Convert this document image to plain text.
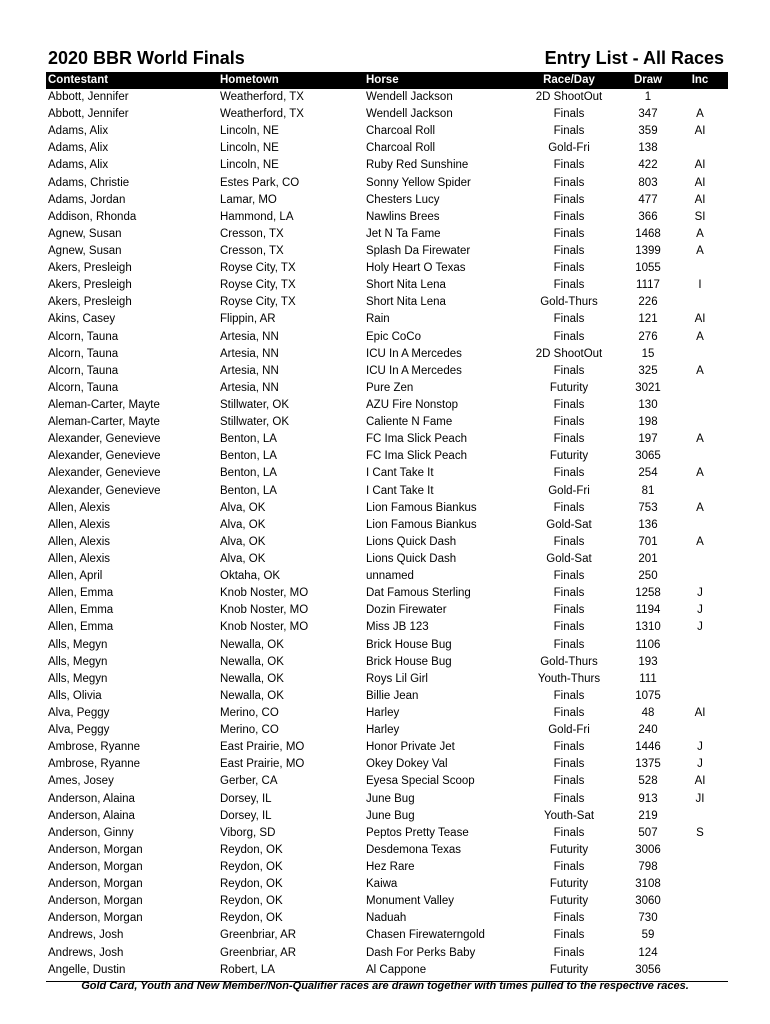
2020 BBR World Finals	Entry List - All Races
Contestant	Hometown	Horse	Race/Day	Draw	Inc
Abbott, Jennifer	Weatherford, TX	Wendell Jackson	2D ShootOut	1	
Abbott, Jennifer	Weatherford, TX	Wendell Jackson	Finals	347	A
Adams, Alix	Lincoln, NE	Charcoal Roll	Finals	359	AI
Adams, Alix	Lincoln, NE	Charcoal Roll	Gold-Fri	138	
Adams, Alix	Lincoln, NE	Ruby Red Sunshine	Finals	422	AI
Adams, Christie	Estes Park, CO	Sonny Yellow Spider	Finals	803	AI
Adams, Jordan	Lamar, MO	Chesters Lucy	Finals	477	AI
Addison, Rhonda	Hammond, LA	Nawlins Brees	Finals	366	SI
Agnew, Susan	Cresson, TX	Jet N Ta Fame	Finals	1468	A
Agnew, Susan	Cresson, TX	Splash Da Firewater	Finals	1399	A
Akers, Presleigh	Royse City, TX	Holy Heart O Texas	Finals	1055	
Akers, Presleigh	Royse City, TX	Short Nita Lena	Finals	1117	I
Akers, Presleigh	Royse City, TX	Short Nita Lena	Gold-Thurs	226	
Akins, Casey	Flippin, AR	Rain	Finals	121	AI
Alcorn, Tauna	Artesia, NN	Epic CoCo	Finals	276	A
Alcorn, Tauna	Artesia, NN	ICU In A Mercedes	2D ShootOut	15	
Alcorn, Tauna	Artesia, NN	ICU In A Mercedes	Finals	325	A
Alcorn, Tauna	Artesia, NN	Pure Zen	Futurity	3021	
Aleman-Carter, Mayte	Stillwater, OK	AZU Fire Nonstop	Finals	130	
Aleman-Carter, Mayte	Stillwater, OK	Caliente N Fame	Finals	198	
Alexander, Genevieve	Benton, LA	FC Ima Slick Peach	Finals	197	A
Alexander, Genevieve	Benton, LA	FC Ima Slick Peach	Futurity	3065	
Alexander, Genevieve	Benton, LA	I Cant Take It	Finals	254	A
Alexander, Genevieve	Benton, LA	I Cant Take It	Gold-Fri	81	
Allen, Alexis	Alva, OK	Lion Famous Biankus	Finals	753	A
Allen, Alexis	Alva, OK	Lion Famous Biankus	Gold-Sat	136	
Allen, Alexis	Alva, OK	Lions Quick Dash	Finals	701	A
Allen, Alexis	Alva, OK	Lions Quick Dash	Gold-Sat	201	
Allen, April	Oktaha, OK	unnamed	Finals	250	
Allen, Emma	Knob Noster, MO	Dat Famous Sterling	Finals	1258	J
Allen, Emma	Knob Noster, MO	Dozin Firewater	Finals	1194	J
Allen, Emma	Knob Noster, MO	Miss JB 123	Finals	1310	J
Alls, Megyn	Newalla, OK	Brick House Bug	Finals	1106	
Alls, Megyn	Newalla, OK	Brick House Bug	Gold-Thurs	193	
Alls, Megyn	Newalla, OK	Roys Lil Girl	Youth-Thurs	111	
Alls, Olivia	Newalla, OK	Billie Jean	Finals	1075	
Alva, Peggy	Merino, CO	Harley	Finals	48	AI
Alva, Peggy	Merino, CO	Harley	Gold-Fri	240	
Ambrose, Ryanne	East Prairie, MO	Honor Private Jet	Finals	1446	J
Ambrose, Ryanne	East Prairie, MO	Okey Dokey Val	Finals	1375	J
Ames, Josey	Gerber, CA	Eyesa Special Scoop	Finals	528	AI
Anderson, Alaina	Dorsey, IL	June Bug	Finals	913	JI
Anderson, Alaina	Dorsey, IL	June Bug	Youth-Sat	219	
Anderson, Ginny	Viborg, SD	Peptos Pretty Tease	Finals	507	S
Anderson, Morgan	Reydon, OK	Desdemona Texas	Futurity	3006	
Anderson, Morgan	Reydon, OK	Hez Rare	Finals	798	
Anderson, Morgan	Reydon, OK	Kaiwa	Futurity	3108	
Anderson, Morgan	Reydon, OK	Monument Valley	Futurity	3060	
Anderson, Morgan	Reydon, OK	Naduah	Finals	730	
Andrews, Josh	Greenbriar, AR	Chasen Firewaterngold	Finals	59	
Andrews, Josh	Greenbriar, AR	Dash For Perks Baby	Finals	124	
Angelle, Dustin	Robert, LA	Al Cappone	Futurity	3056	
Gold Card, Youth and New Member/Non-Qualifier races are drawn together with times pulled to the respective races.
